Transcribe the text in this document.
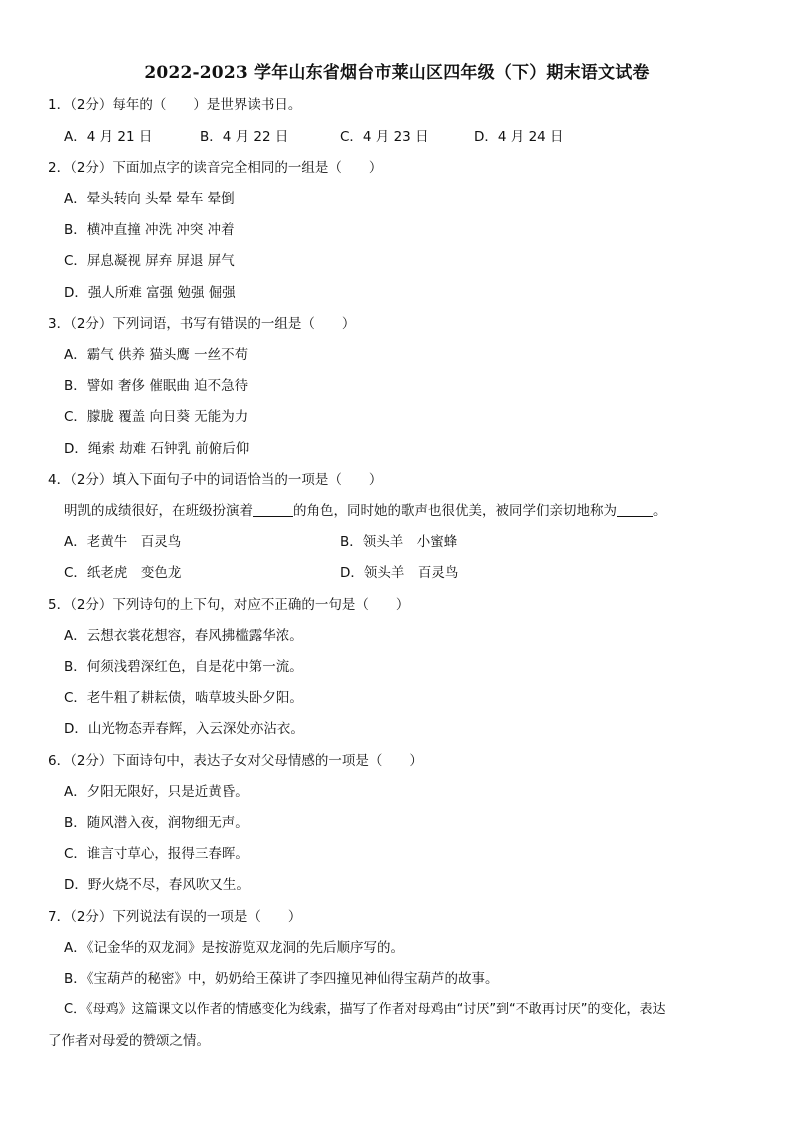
2022-2023 学年山东省烟台市莱山区四年级（下）期末语文试卷
1．（2分）每年的（　　）是世界读书日。
A．4 月 21 日	B．4 月 22 日	C．4 月 23 日	D．4 月 24 日
2．（2分）下面加点字的读音完全相同的一组是（　　）
A．晕头转向 头晕 晕车 晕倒
B．横冲直撞 冲洗 冲突 冲着
C．屏息凝视 屏弃 屏退 屏气
D．强人所难 富强 勉强 倔强
3．（2分）下列词语，书写有错误的一组是（　　）
A．霸气 供养 猫头鹰 一丝不苟
B．譬如 奢侈 催眠曲 迫不急待
C．朦胧 覆盖 向日葵 无能为力
D．绳索 劫难 石钟乳 前俯后仰
4．（2分）填入下面句子中的词语恰当的一项是（　　）
明凯的成绩很好，在班级扮演着	的角色，同时她的歌声也很优美，被同学们亲切地称为	。
A．老黄牛　百灵鸟	B．领头羊　小蜜蜂
C．纸老虎　变色龙	D．领头羊　百灵鸟
5．（2分）下列诗句的上下句，对应不正确的一句是（　　）
A．云想衣裳花想容，春风拂槛露华浓。
B．何须浅碧深红色，自是花中第一流。
C．老牛粗了耕耘债，啮草坡头卧夕阳。
D．山光物态弄春辉，入云深处亦沾衣。
6．（2分）下面诗句中，表达子女对父母情感的一项是（　　）
A．夕阳无限好，只是近黄昏。
B．随风潜入夜，润物细无声。
C．谁言寸草心，报得三春晖。
D．野火烧不尽，春风吹又生。
7．（2分）下列说法有误的一项是（　　）
A．《记金华的双龙洞》是按游览双龙洞的先后顺序写的。
B．《宝葫芦的秘密》中，奶奶给王葆讲了李四撞见神仙得宝葫芦的故事。
C．《母鸡》这篇课文以作者的情感变化为线索，描写了作者对母鸡由“讨厌”到“不敢再讨厌”的变化，表达
了作者对母爱的赞颂之情。
